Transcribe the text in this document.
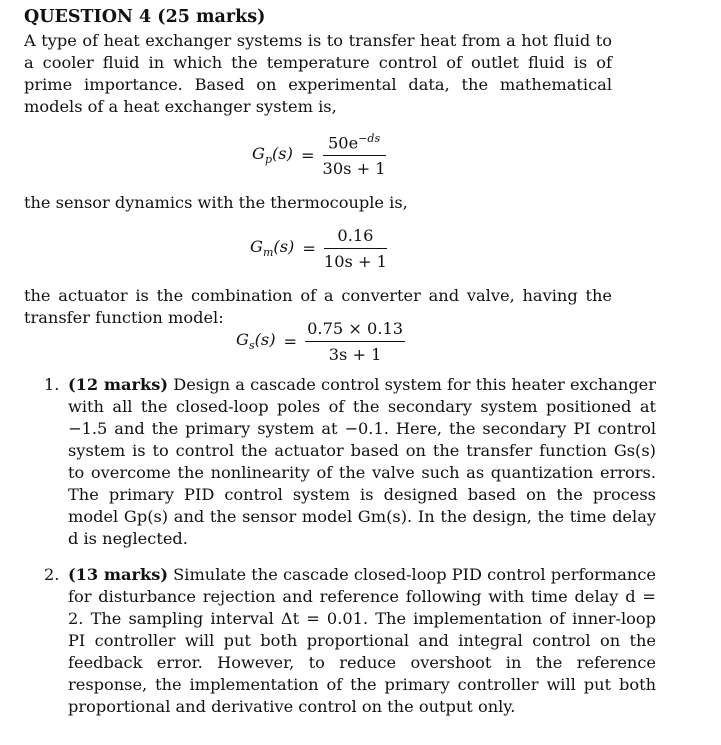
QUESTION 4 (25 marks)
A type of heat exchanger systems is to transfer heat from a hot fluid to a cooler fluid in which the temperature control of outlet fluid is of prime importance. Based on experimental data, the mathematical models of a heat exchanger system is,
$G_p(s) = \frac{50e^{-ds}}{30s + 1}$
the sensor dynamics with the thermocouple is,
$G_m(s) = \frac{0.16}{10s + 1}$
the actuator is the combination of a converter and valve, having the transfer function model:
$G_s(s) = \frac{0.75 \times 0.13}{3s + 1}$
1. (12 marks) Design a cascade control system for this heater exchanger with all the closed-loop poles of the secondary system positioned at −1.5 and the primary system at −0.1. Here, the secondary PI control system is to control the actuator based on the transfer function Gs(s) to overcome the nonlinearity of the valve such as quantization errors. The primary PID control system is designed based on the process model Gp(s) and the sensor model Gm(s). In the design, the time delay d is neglected.
2. (13 marks) Simulate the cascade closed-loop PID control performance for disturbance rejection and reference following with time delay d = 2. The sampling interval Δt = 0.01. The implementation of inner-loop PI controller will put both proportional and integral control on the feedback error. However, to reduce overshoot in the reference response, the implementation of the primary controller will put both proportional and derivative control on the output only.
